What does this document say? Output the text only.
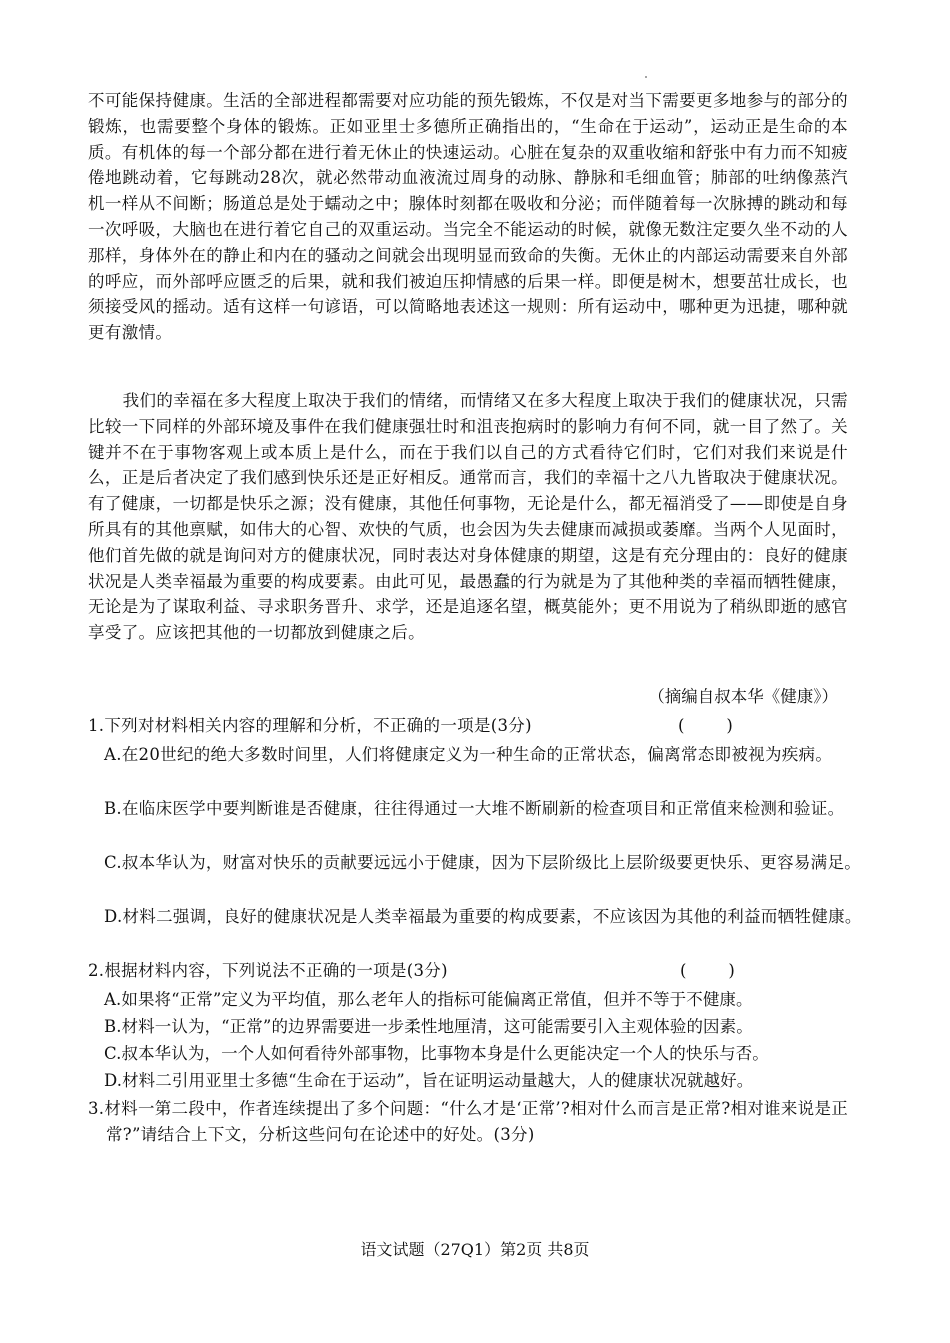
不可能保持健康。生活的全部进程都需要对应功能的预先锻炼，不仅是对当下需要更多地参与的部分的锻炼，也需要整个身体的锻炼。正如亚里士多德所正确指出的，“生命在于运动”，运动正是生命的本质。有机体的每一个部分都在进行着无休止的快速运动。心脏在复杂的双重收缩和舒张中有力而不知疲倦地跳动着，它每跳动28次，就必然带动血液流过周身的动脉、静脉和毛细血管；肺部的吐纳像蒸汽机一样从不间断；肠道总是处于蠕动之中；腺体时刻都在吸收和分泌；而伴随着每一次脉搏的跳动和每一次呼吸，大脑也在进行着它自己的双重运动。当完全不能运动的时候，就像无数注定要久坐不动的人那样，身体外在的静止和内在的骚动之间就会出现明显而致命的失衡。无休止的内部运动需要来自外部的呼应，而外部呼应匮乏的后果，就和我们被迫压抑情感的后果一样。即便是树木，想要茁壮成长，也须接受风的摇动。适有这样一句谚语，可以简略地表述这一规则：所有运动中，哪种更为迅捷，哪种就更有激情。

我们的幸福在多大程度上取决于我们的情绪，而情绪又在多大程度上取决于我们的健康状况，只需比较一下同样的外部环境及事件在我们健康强壮时和沮丧抱病时的影响力有何不同，就一目了然了。关键并不在于事物客观上或本质上是什么，而在于我们以自己的方式看待它们时，它们对我们来说是什么，正是后者决定了我们感到快乐还是正好相反。通常而言，我们的幸福十之八九皆取决于健康状况。有了健康，一切都是快乐之源；没有健康，其他任何事物，无论是什么，都无福消受了——即使是自身所具有的其他禀赋，如伟大的心智、欢快的气质，也会因为失去健康而减损或萎靡。当两个人见面时，他们首先做的就是询问对方的健康状况，同时表达对身体健康的期望，这是有充分理由的：良好的健康状况是人类幸福最为重要的构成要素。由此可见，最愚蠢的行为就是为了其他种类的幸福而牺牲健康，无论是为了谋取利益、寻求职务晋升、求学，还是追逐名望，概莫能外；更不用说为了稍纵即逝的感官享受了。应该把其他的一切都放到健康之后。

（摘编自叔本华《健康》）

1.下列对材料相关内容的理解和分析，不正确的一项是(3分)	(        )

A.在20世纪的绝大多数时间里，人们将健康定义为一种生命的正常状态，偏离常态即被视为疾病。

B.在临床医学中要判断谁是否健康，往往得通过一大堆不断刷新的检查项目和正常值来检测和验证。

C.叔本华认为，财富对快乐的贡献要远远小于健康，因为下层阶级比上层阶级要更快乐、更容易满足。

D.材料二强调，良好的健康状况是人类幸福最为重要的构成要素，不应该因为其他的利益而牺牲健康。

2.根据材料内容，下列说法不正确的一项是(3分)	(        )

A.如果将“正常”定义为平均值，那么老年人的指标可能偏离正常值，但并不等于不健康。

B.材料一认为，“正常”的边界需要进一步柔性地厘清，这可能需要引入主观体验的因素。

C.叔本华认为，一个人如何看待外部事物，比事物本身是什么更能决定一个人的快乐与否。

D.材料二引用亚里士多德“生命在于运动”，旨在证明运动量越大，人的健康状况就越好。

3.材料一第二段中，作者连续提出了多个问题：“什么才是‘正常’?相对什么而言是正常?相对谁来说是正常?”请结合上下文，分析这些问句在论述中的好处。(3分)

语文试题（27Q1）第2页 共8页
